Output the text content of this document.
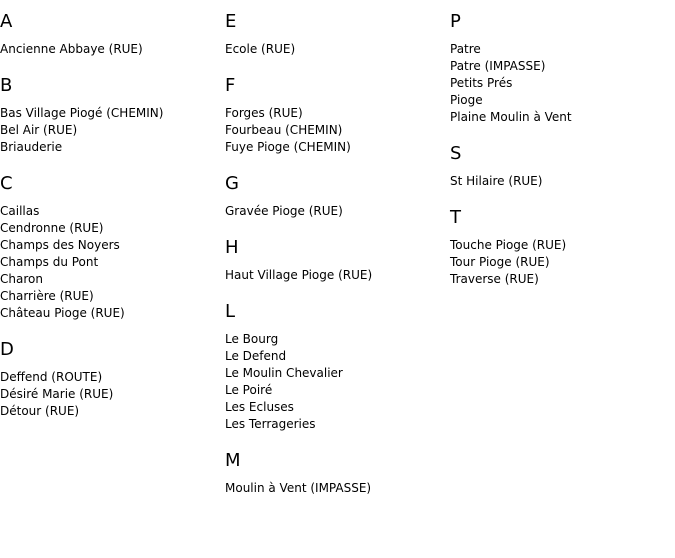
A
Ancienne Abbaye (RUE)
B
Bas Village Piogé (CHEMIN)
Bel Air (RUE)
Briauderie
C
Caillas
Cendronne (RUE)
Champs des Noyers
Champs du Pont
Charon
Charrière (RUE)
Château Pioge (RUE)
D
Deffend (ROUTE)
Désiré Marie (RUE)
Détour (RUE)
E
Ecole (RUE)
F
Forges (RUE)
Fourbeau (CHEMIN)
Fuye Pioge (CHEMIN)
G
Gravée Pioge (RUE)
H
Haut Village Pioge (RUE)
L
Le Bourg
Le Defend
Le Moulin Chevalier
Le Poiré
Les Ecluses
Les Terrageries
M
Moulin à Vent (IMPASSE)
P
Patre
Patre (IMPASSE)
Petits Prés
Pioge
Plaine Moulin à Vent
S
St Hilaire (RUE)
T
Touche Pioge (RUE)
Tour Pioge (RUE)
Traverse (RUE)
